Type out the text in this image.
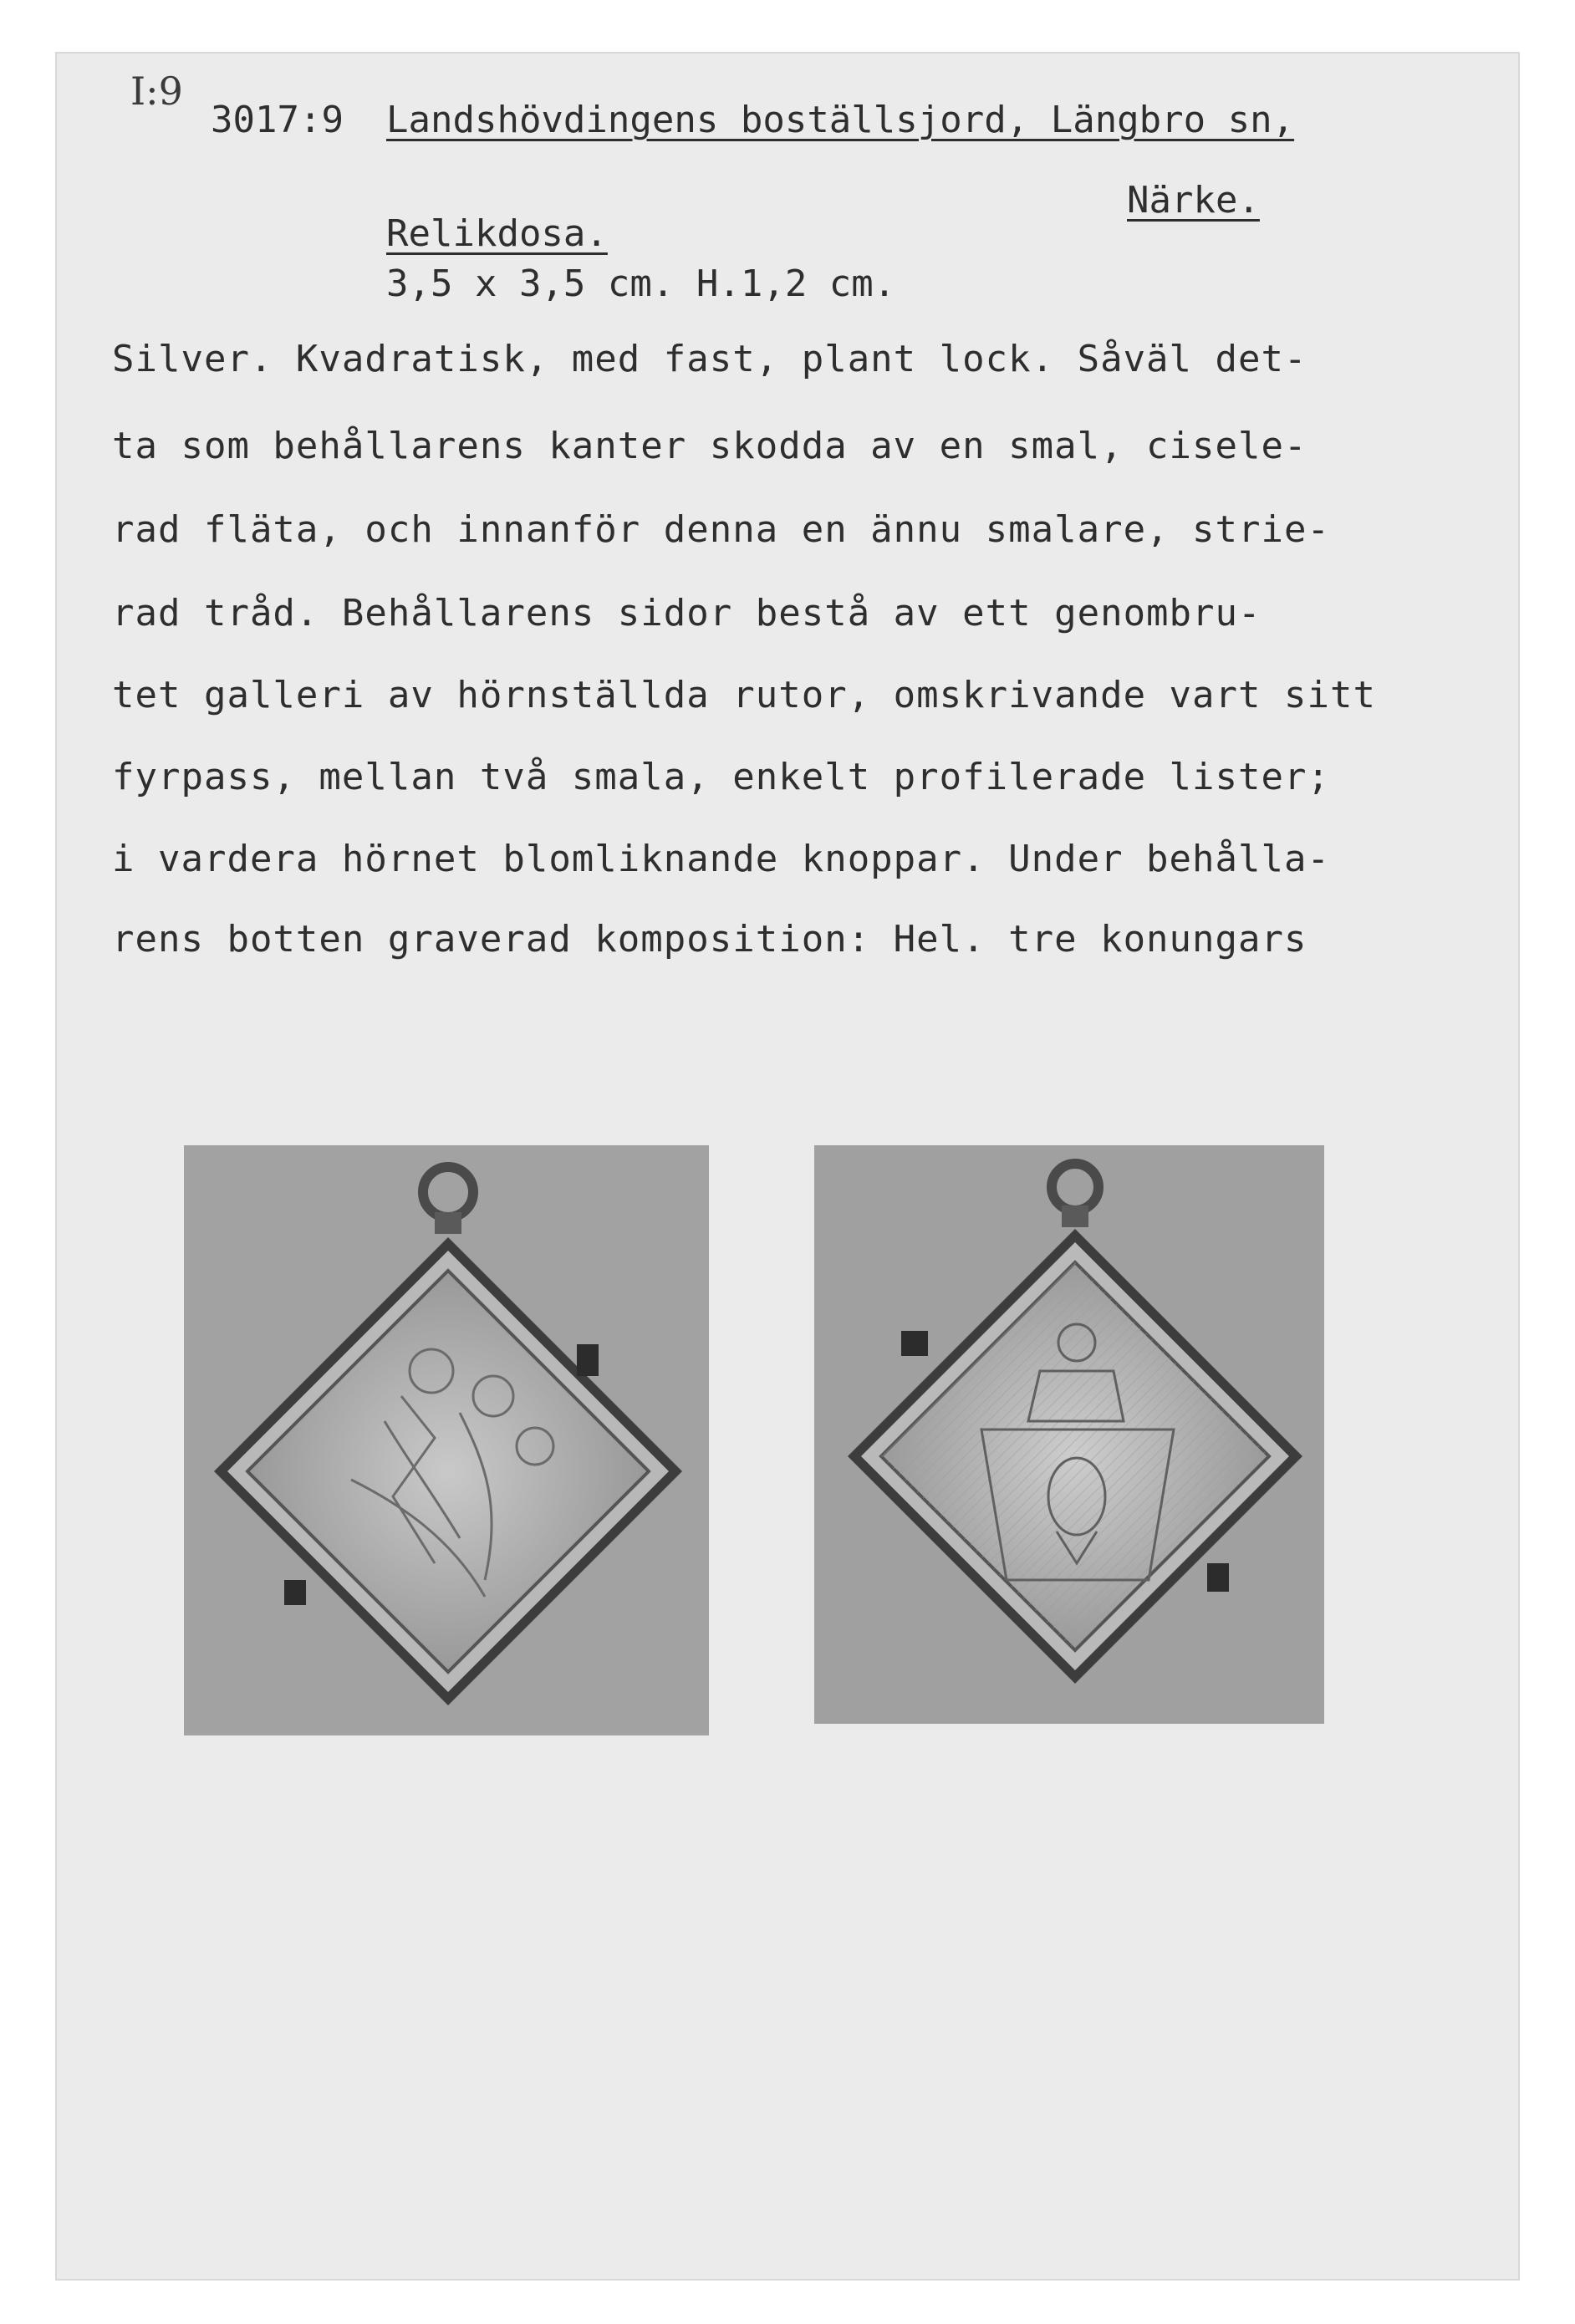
I:9
3017:9 Landshövdingens boställsjord, Längbro sn,
Närke.
Relikdosa.
3,5 x 3,5 cm. H.1,2 cm.
Silver. Kvadratisk, med fast, plant lock. Såväl det-
ta som behållarens kanter skodda av en smal, cisele-
rad fläta, och innanför denna en ännu smalare, strie-
rad tråd. Behållarens sidor bestå av ett genombru-
tet galleri av hörnställda rutor, omskrivande vart sitt
fyrpass, mellan två smala, enkelt profilerade lister;
i vardera hörnet blomliknande knoppar. Under behålla-
rens botten graverad komposition: Hel. tre konungars
